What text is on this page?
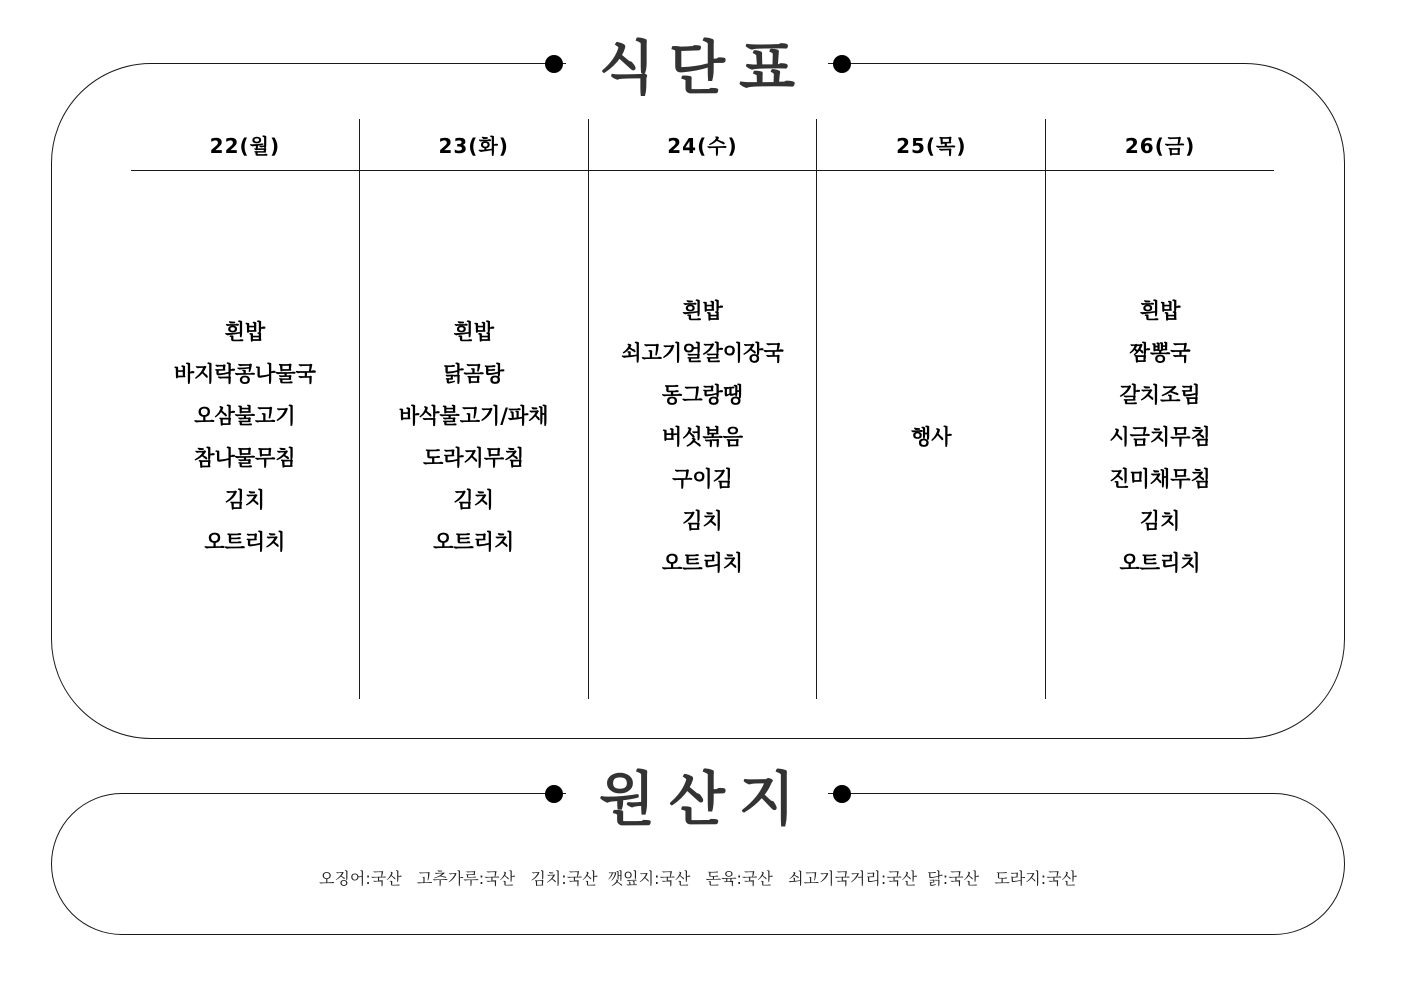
식단표
22(월)
흰밥
바지락콩나물국
오삼불고기
참나물무침
김치
오트리치
23(화)
흰밥
닭곰탕
바삭불고기/파채
도라지무침
김치
오트리치
24(수)
흰밥
쇠고기얼갈이장국
동그랑땡
버섯볶음
구이김
김치
오트리치
25(목)
행사
26(금)
흰밥
짬뽕국
갈치조림
시금치무침
진미채무침
김치
오트리치
원산지
오징어:국산   고추가루:국산   김치:국산  깻잎지:국산   돈육:국산   쇠고기국거리:국산  닭:국산   도라지:국산
